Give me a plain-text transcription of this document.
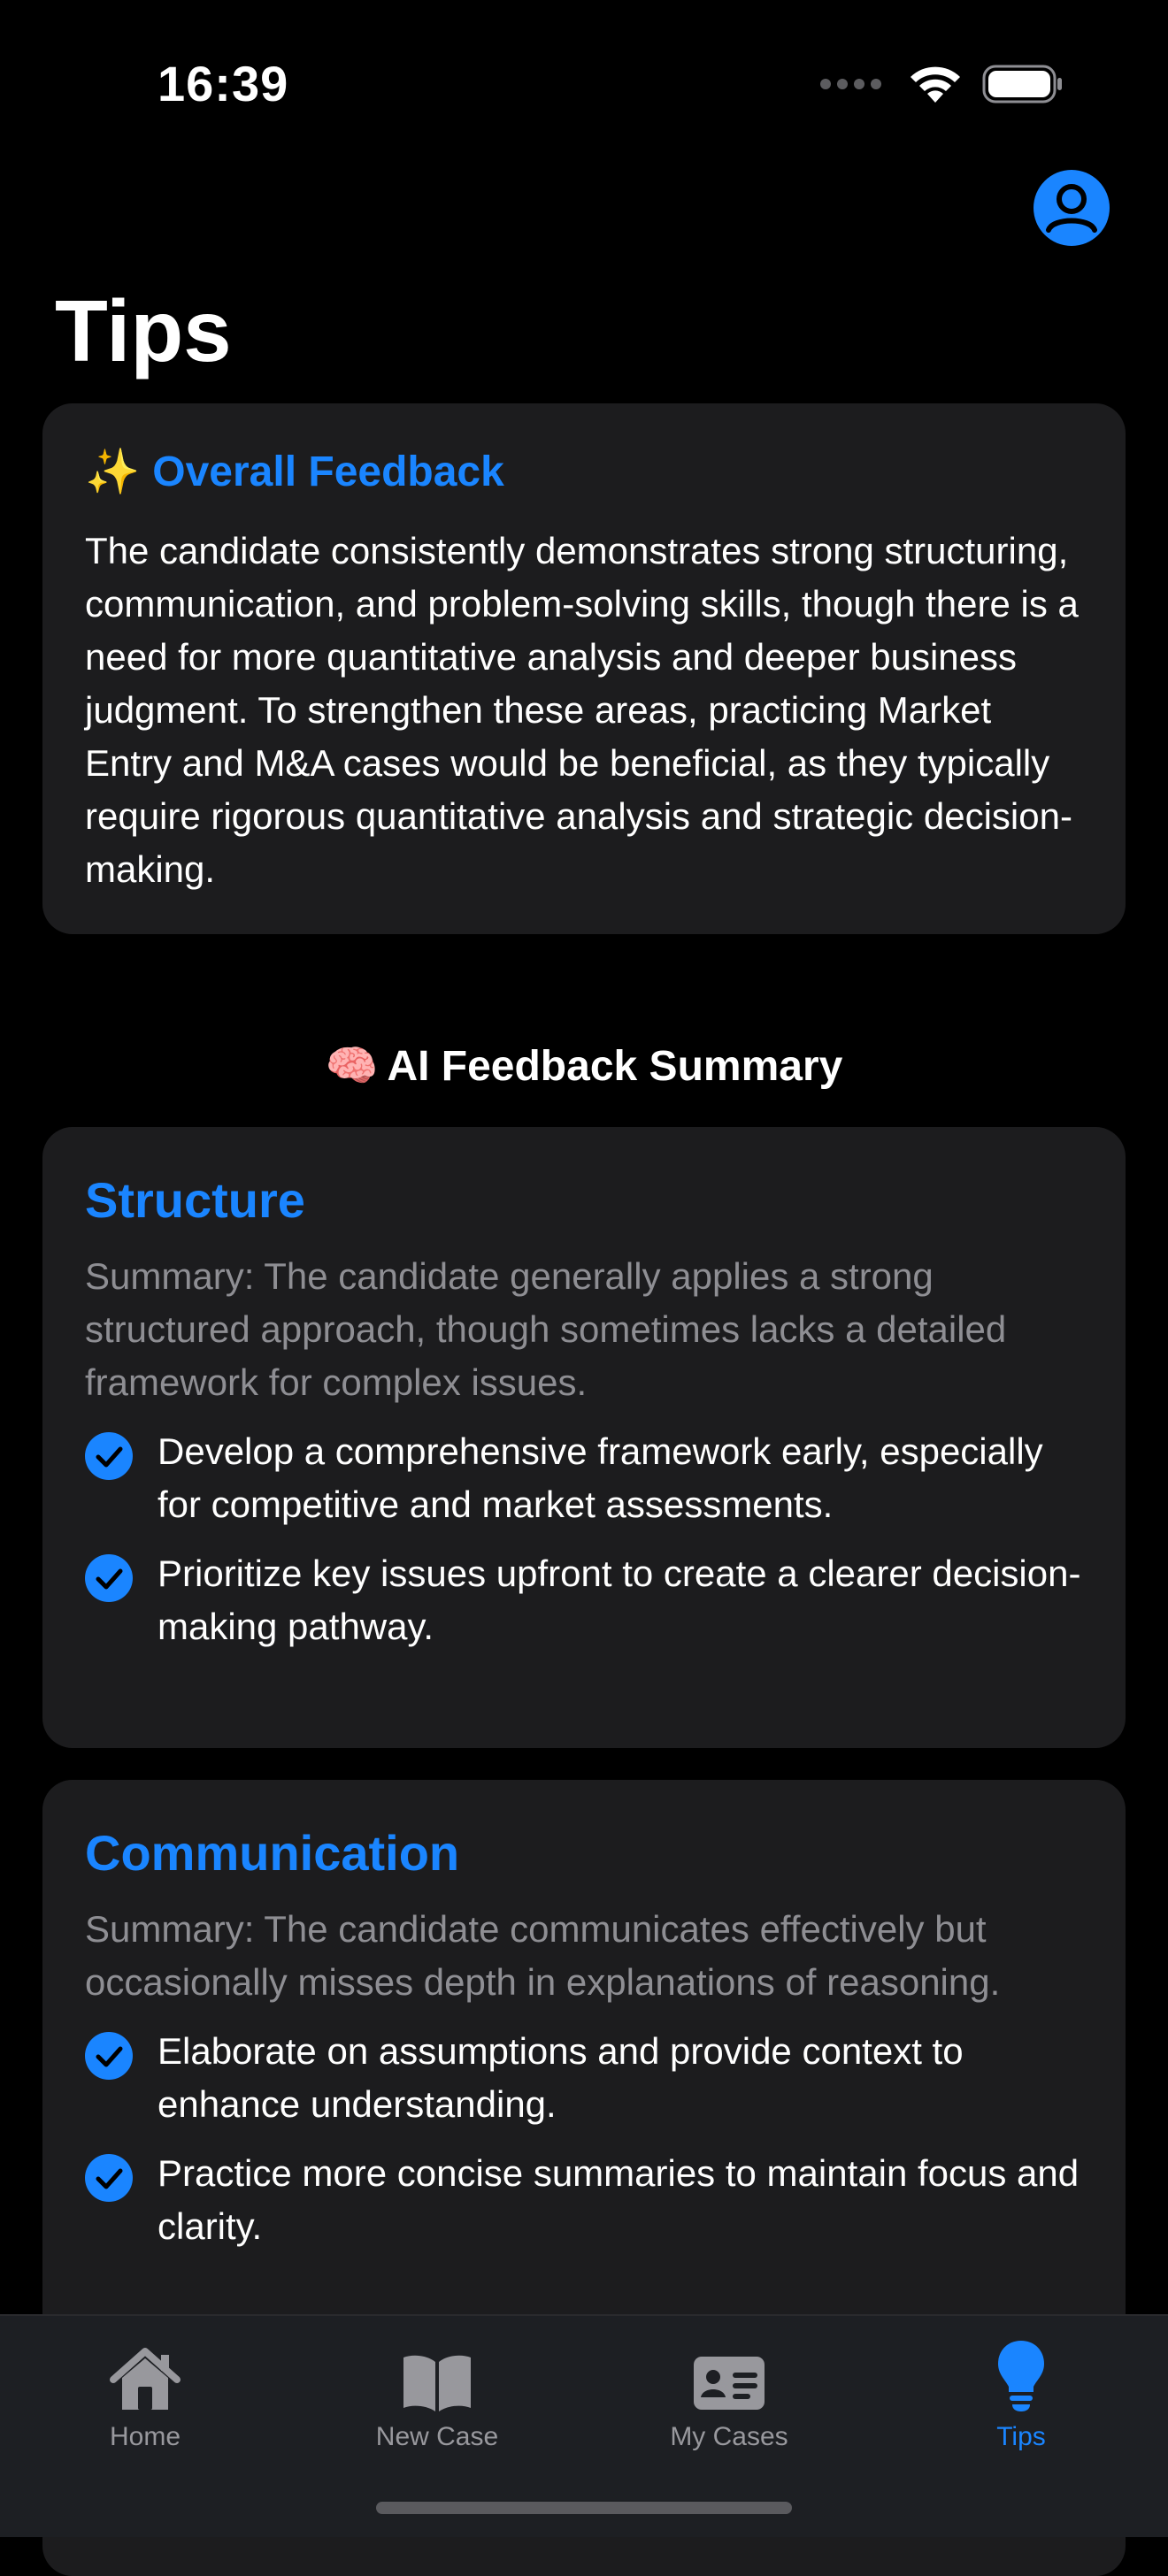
16:39
Tips
✨ Overall Feedback
The candidate consistently demonstrates strong structuring, communication, and problem-solving skills, though there is a need for more quantitative analysis and deeper business judgment. To strengthen these areas, practicing Market Entry and M&A cases would be beneficial, as they typically require rigorous quantitative analysis and strategic decision-making.
🧠 AI Feedback Summary
Structure
Summary: The candidate generally applies a strong structured approach, though sometimes lacks a detailed framework for complex issues.
Develop a comprehensive framework early, especially for competitive and market assessments.
Prioritize key issues upfront to create a clearer decision-making pathway.
Communication
Summary: The candidate communicates effectively but occasionally misses depth in explanations of reasoning.
Elaborate on assumptions and provide context to enhance understanding.
Practice more concise summaries to maintain focus and clarity.
Home	New Case	My Cases	Tips
